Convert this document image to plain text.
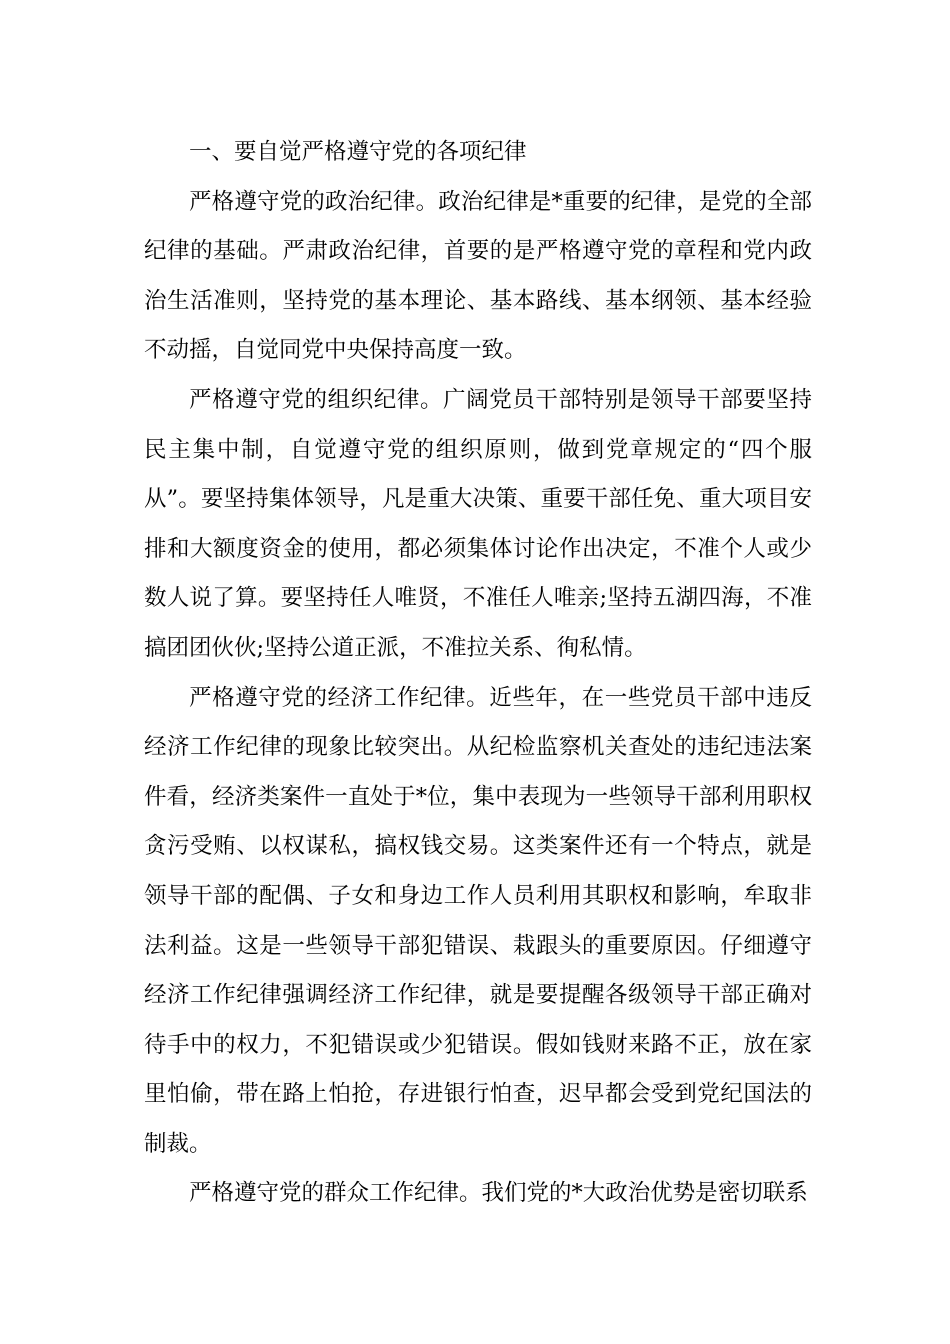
一、要自觉严格遵守党的各项纪律

严格遵守党的政治纪律。政治纪律是*重要的纪律，是党的全部纪律的基础。严肃政治纪律，首要的是严格遵守党的章程和党内政治生活准则，坚持党的基本理论、基本路线、基本纲领、基本经验不动摇，自觉同党中央保持高度一致。

严格遵守党的组织纪律。广阔党员干部特别是领导干部要坚持民主集中制，自觉遵守党的组织原则，做到党章规定的“四个服从”。要坚持集体领导，凡是重大决策、重要干部任免、重大项目安排和大额度资金的使用，都必须集体讨论作出决定，不准个人或少数人说了算。要坚持任人唯贤，不准任人唯亲;坚持五湖四海，不准搞团团伙伙;坚持公道正派，不准拉关系、徇私情。

严格遵守党的经济工作纪律。近些年，在一些党员干部中违反经济工作纪律的现象比较突出。从纪检监察机关查处的违纪违法案件看，经济类案件一直处于*位，集中表现为一些领导干部利用职权贪污受贿、以权谋私，搞权钱交易。这类案件还有一个特点，就是领导干部的配偶、子女和身边工作人员利用其职权和影响，牟取非法利益。这是一些领导干部犯错误、栽跟头的重要原因。仔细遵守经济工作纪律强调经济工作纪律，就是要提醒各级领导干部正确对待手中的权力，不犯错误或少犯错误。假如钱财来路不正，放在家里怕偷，带在路上怕抢，存进银行怕查，迟早都会受到党纪国法的制裁。

严格遵守党的群众工作纪律。我们党的*大政治优势是密切联系
